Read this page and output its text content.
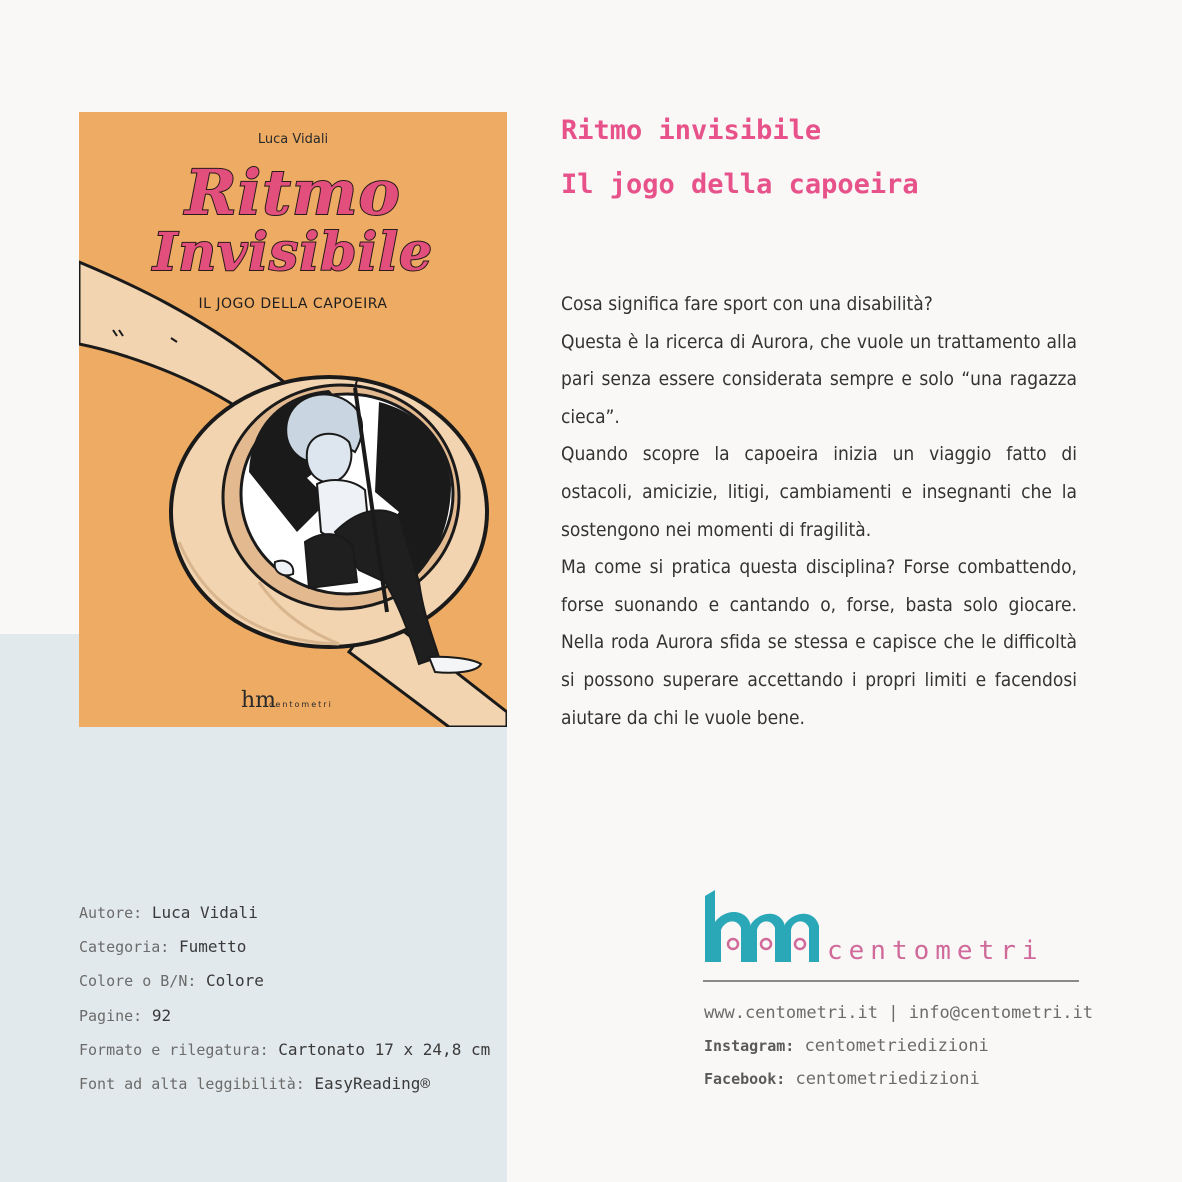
Luca Vidali
Ritmo
Invisibile
IL JOGO DELLA CAPOEIRA
hm
centometri
Ritmo invisibile
Il jogo della capoeira

Cosa significa fare sport con una disabilità?

Questa è la ricerca di Aurora, che vuole un trattamento alla pari senza essere considerata sempre e solo “una ragazza cieca”.

Quando scopre la capoeira inizia un viaggio fatto di ostacoli, amicizie, litigi, cambiamenti e insegnanti che la sostengono nei momenti di fragilità.

Ma come si pratica questa disciplina? Forse combattendo, forse suonando e cantando o, forse, basta solo giocare. Nella roda Aurora sfida se stessa e capisce che le difficoltà si possono superare accettando i propri limiti e facendosi aiutare da chi le vuole bene.

Autore: Luca Vidali
Categoria: Fumetto
Colore o B/N: Colore
Pagine: 92
Formato e rilegatura: Cartonato 17 x 24,8 cm
Font ad alta leggibilità: EasyReading®
centometri
www.centometri.it | info@centometri.it
Instagram: centometriedizioni
Facebook: centometriedizioni
